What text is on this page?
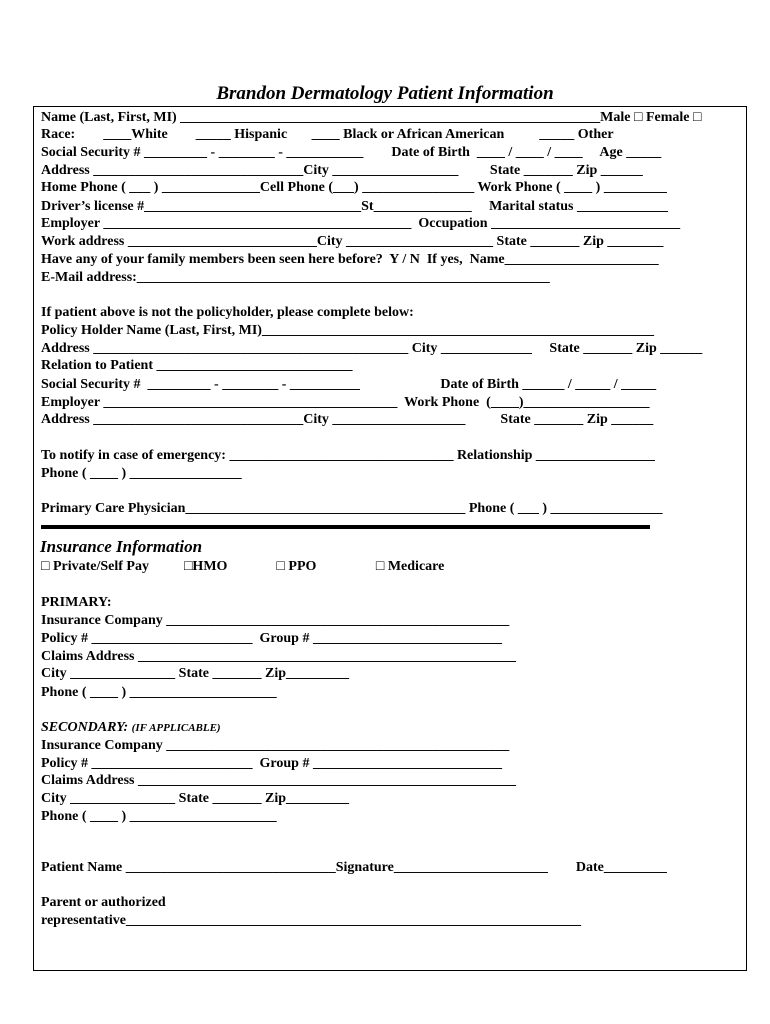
Brandon Dermatology Patient Information
Name (Last, First, MI) ____________________________________________________________Male □ Female □
Race:        ____White        _____ Hispanic       ____ Black or African American          _____ Other
Social Security # _________ - ________ - ___________        Date of Birth  ____ / ____ / ____     Age _____
Address ______________________________City __________________         State _______ Zip ______
Home Phone ( ___ ) ______________Cell Phone (___) ________________ Work Phone ( ____ ) _________
Driver’s license #_______________________________St______________     Marital status _____________
Employer ____________________________________________  Occupation ___________________________
Work address ___________________________City _____________________ State _______ Zip ________
Have any of your family members been seen here before?  Y / N  If yes,  Name______________________
E-Mail address:___________________________________________________________
If patient above is not the policyholder, please complete below:
Policy Holder Name (Last, First, MI)________________________________________________________
Address _____________________________________________ City _____________     State _______ Zip ______
Relation to Patient ____________________________
Social Security #  _________ - ________ - __________                       Date of Birth ______ / _____ / _____
Employer __________________________________________  Work Phone  (____)__________________
Address ______________________________City ___________________          State _______ Zip ______
To notify in case of emergency: ________________________________ Relationship _________________
Phone ( ____ ) ________________
Primary Care Physician________________________________________ Phone ( ___ ) ________________
Insurance Information
□ Private/Self Pay          □HMO              □ PPO                 □ Medicare
PRIMARY:
Insurance Company _________________________________________________
Policy # _______________________  Group # ___________________________
Claims Address ______________________________________________________
City _______________ State _______ Zip_________
Phone ( ____ ) _____________________
SECONDARY: (IF APPLICABLE)
Insurance Company _________________________________________________
Policy # _______________________  Group # ___________________________
Claims Address ______________________________________________________
City _______________ State _______ Zip_________
Phone ( ____ ) _____________________
Patient Name ______________________________Signature______________________        Date_________
Parent or authorized
representative_________________________________________________________________
